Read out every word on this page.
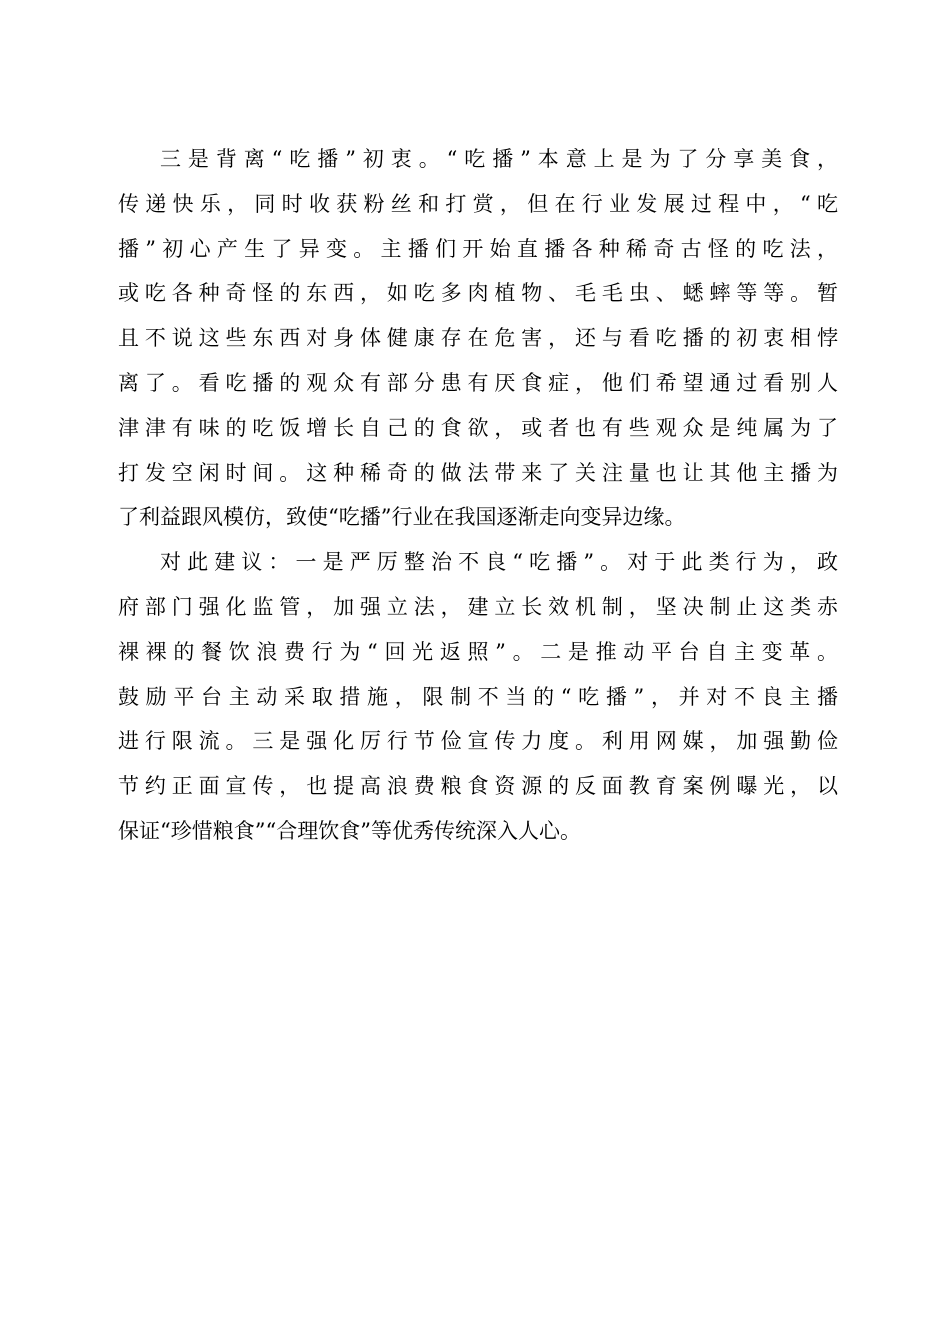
三是背离“吃播”初衷。“吃播”本意上是为了分享美食，
传递快乐，同时收获粉丝和打赏，但在行业发展过程中，“吃
播”初心产生了异变。主播们开始直播各种稀奇古怪的吃法，
或吃各种奇怪的东西，如吃多肉植物、毛毛虫、蟋蟀等等。暂
且不说这些东西对身体健康存在危害，还与看吃播的初衷相悖
离了。看吃播的观众有部分患有厌食症，他们希望通过看别人
津津有味的吃饭增长自己的食欲，或者也有些观众是纯属为了
打发空闲时间。这种稀奇的做法带来了关注量也让其他主播为
了利益跟风模仿，致使“吃播”行业在我国逐渐走向变异边缘。
对此建议：一是严厉整治不良“吃播”。对于此类行为，政
府部门强化监管，加强立法，建立长效机制，坚决制止这类赤
裸裸的餐饮浪费行为“回光返照”。二是推动平台自主变革。
鼓励平台主动采取措施，限制不当的“吃播”，并对不良主播
进行限流。三是强化厉行节俭宣传力度。利用网媒，加强勤俭
节约正面宣传，也提高浪费粮食资源的反面教育案例曝光，以
保证“珍惜粮食”“合理饮食”等优秀传统深入人心。
